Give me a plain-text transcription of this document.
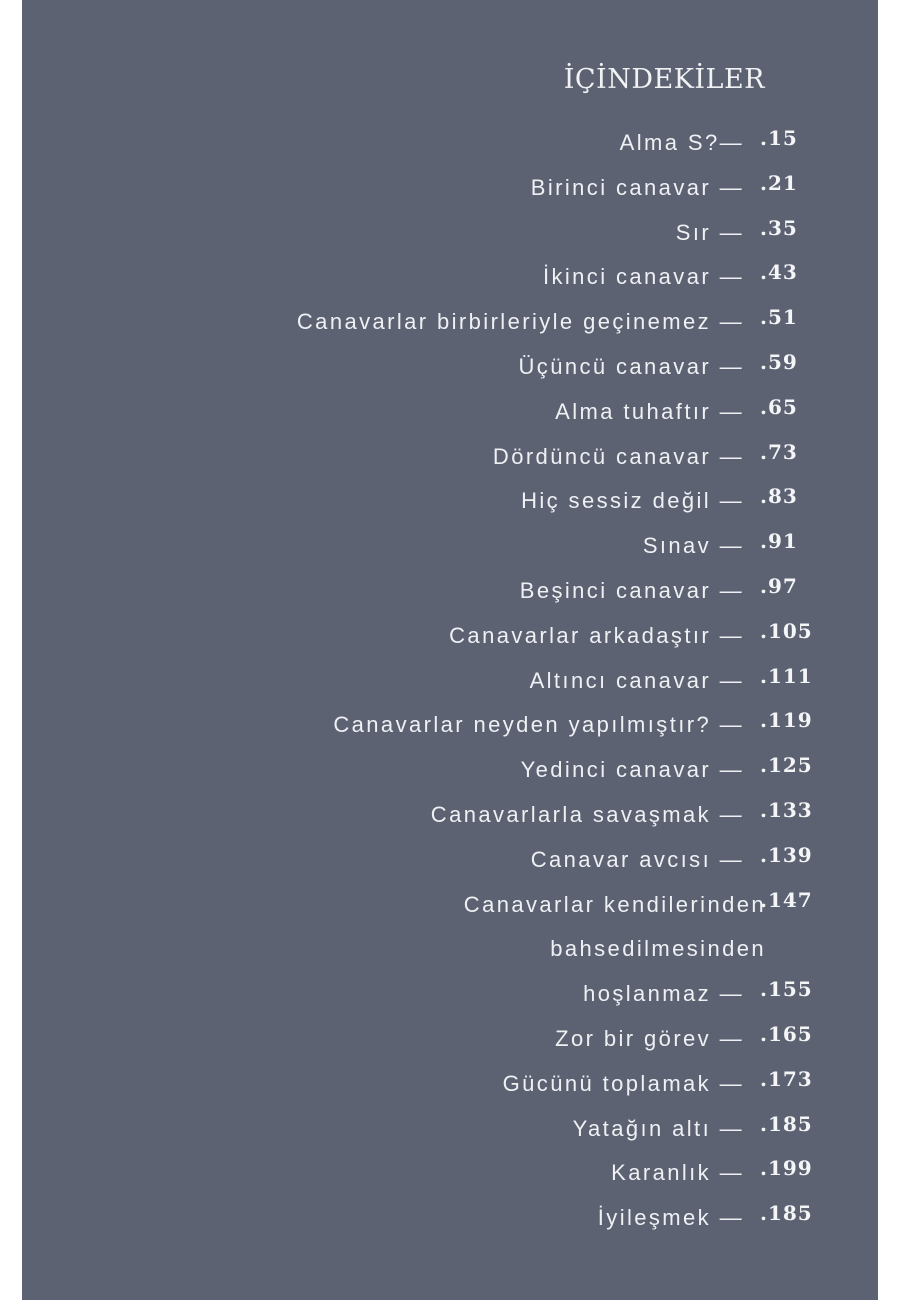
İÇİNDEKİLER
Alma S?— .15
Birinci canavar — .21
Sır — .35
İkinci canavar — .43
Canavarlar birbirleriyle geçinemez — .51
Üçüncü canavar — .59
Alma tuhaftır — .65
Dördüncü canavar — .73
Hiç sessiz değil — .83
Sınav — .91
Beşinci canavar — .97
Canavarlar arkadaştır — .105
Altıncı canavar — .111
Canavarlar neyden yapılmıştır? — .119
Yedinci canavar — .125
Canavarlarla savaşmak — .133
Canavar avcısı — .139
Canavarlar kendilerinden
.147
bahsedilmesinden
hoşlanmaz — .155
Zor bir görev — .165
Gücünü toplamak — .173
Yatağın altı — .185
Karanlık — .199
İyileşmek — .185
